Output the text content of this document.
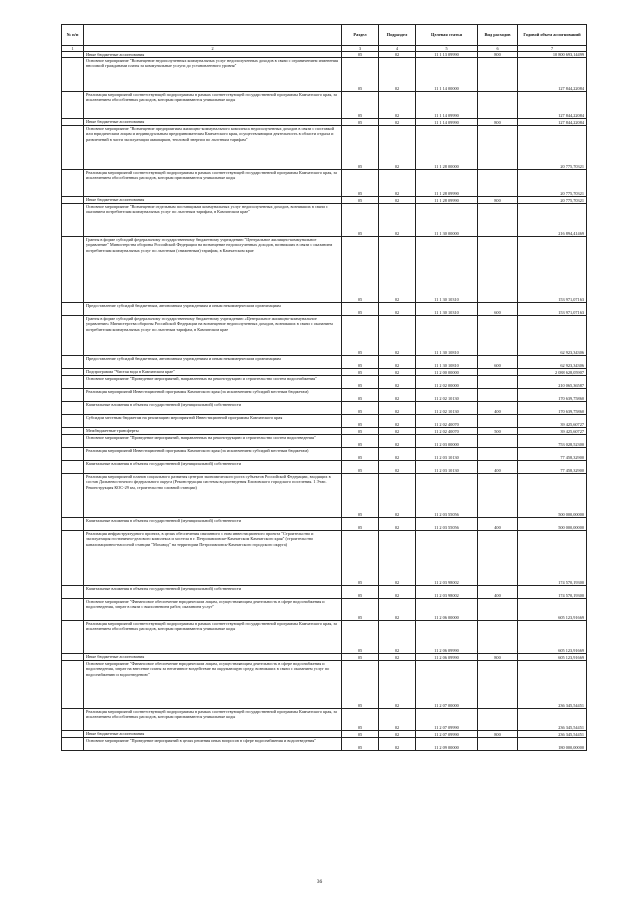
№ п/п		Раздел	Подраздел	Целевая статья	Вид расходов	Годовой объем ассигнований
1	2	3	4	5	6	7
	Иные бюджетные ассигнования	05	02	11 1 13 09990	800	10 800 693,14499
	Основное мероприятие "Возмещение недополученных коммунальных услуг недополученных доходов в связи с ограничением изменения вносимой гражданами платы за коммунальные услуги до установленного уровня"	05	02	11 1 14 00000		127 844,22084
	Реализация мероприятий соответствующей подпрограммы в рамках соответствующей государственной программы Камчатского края, за исключением обособленных расходов, которым присваиваются уникальные коды	05	02	11 1 14 09990		127 844,22084
	Иные бюджетные ассигнования	05	02	11 1 14 09990	800	127 844,22084
	Основное мероприятие "Возмещение предприятиям жилищно-коммунального комплекса недополученных доходов в связи с поставкой или юридическим лицам и индивидуальным предпринимателям Камчатского края, осуществляющим деятельность в области отдыха и развлечений в части эксплуатации аквапарков, тепловой энергии по льготным тарифам"	05	02	11 1 28 00000		20 775,70321
	Реализация мероприятий соответствующей подпрограммы в рамках соответствующей государственной программы Камчатского края, за исключением обособленных расходов, которым присваиваются уникальные коды	05	02	11 1 28 09990		20 775,70321
	Иные бюджетные ассигнования	05	02	11 1 28 09990	800	20 775,70321
	Основное мероприятие "Возмещение отдельным поставщикам коммунальных услуг недополученных доходов, возникших в связи с оказанием потребителям коммунальных услуг по льготным тарифам, в Камчатском крае"	05	02	11 1 30 00000		216 894,41469
	Гранты в форме субсидий федеральному государственному бюджетному учреждению "Центральное жилищно-коммунальное управление" Министерства обороны Российской Федерации на возмещение недополученных доходов, возникших в связи с оказанием потребителям коммунальных услуг по льготным (сниженным) тарифам, в Камчатском крае	05	02	11 1 30 10310		153 971,07163
	Предоставление субсидий бюджетным, автономным учреждениям и иным некоммерческим организациям	05	02	11 1 30 10310	600	153 971,07163
	Гранты в форме субсидий федеральному государственному бюджетному учреждению «Центральное жилищно-коммунальное управление» Министерства обороны Российской Федерации на возмещение недополученных доходов, возникших в связи с оказанием потребителям коммунальных услуг по льготным тарифам, в Камчатском крае	05	02	11 1 30 10810		62 923,34306
	Предоставление субсидий бюджетным, автономным учреждениям и иным некоммерческим организациям	05	02	11 1 30 10810	600	62 923,34306
	Подпрограмма "Чистая вода в Камчатском крае"	05	02	11 2 00 00000		2 088 628,05907
	Основное мероприятие "Проведение мероприятий, направленных на реконструкцию и строительство систем водоснабжения"	05	02	11 2 02 00000		210 065,36587
	Реализация мероприятий Инвестиционной программы Камчатского края (за исключением субсидий местным бюджетам)	05	02	11 2 02 10130		170 639,75860
	Капитальные вложения в объекты государственной (муниципальной) собственности	05	02	11 2 02 10130	400	170 639,75860
	Субсидии местным бюджетам на реализацию мероприятий Инвестиционной программы Камчатского края	05	02	11 2 02 40070		39 425,60727
	Межбюджетные трансферты	05	02	11 2 02 40070	500	39 425,60727
	Основное мероприятие "Проведение мероприятий, направленных на реконструкцию и строительство систем водоотведения"	05	02	11 2 03 00000		753 028,52300
	Реализация мероприятий Инвестиционной программы Камчатского края (за исключением субсидий местным бюджетам)	05	02	11 2 03 10130		77 458,32900
	Капитальные вложения в объекты государственной (муниципальной) собственности	05	02	11 2 03 10130	400	77 458,32900
	Реализация мероприятий планов социального развития центров экономического роста субъектов Российской Федерации, входящих в состав Дальневосточного федерального округа (Реконструкция системы водоотведения Елизовского городского поселения. 1 Этап. Реконструкция КОС-29 км, строительство сливной станции)	05	02	11 2 03 55056		500 000,00000
	Капитальные вложения в объекты государственной (муниципальной) собственности	05	02	11 2 03 55056	400	500 000,00000
	Реализация инфраструктурного проекта, в целях обеспечения связанного с ним инвестиционного проекта "Строительство и эксплуатация гостинично-делового комплекса и хостела в г. Петропавловске-Камчатском Камчатского края" (строительство канализационно-насосной станции "Мохавод" на территории Петропавловск-Камчатского городского округа)	05	02	11 2 03 98002		174 570,19300
	Капитальные вложения в объекты государственной (муниципальной) собственности	05	02	11 2 03 98002	400	174 570,19300
	Основное мероприятие "Финансовое обеспечение юридическим лицам, осуществляющим деятельность в сфере водоснабжения и водоотведения, затрат в связи с выполнением работ, оказанием услуг"	05	02	11 2 06 00000		605 123,91669
	Реализация мероприятий соответствующей подпрограммы в рамках соответствующей государственной программы Камчатского края, за исключением обособленных расходов, которым присваиваются уникальные коды	05	02	11 2 06 09990		605 123,91669
	Иные бюджетные ассигнования	05	02	11 2 06 09990	800	605 123,91669
	Основное мероприятие "Финансовое обеспечение юридическим лицам, осуществляющим деятельность в сфере водоснабжения и водоотведения, затрат на внесение платы за негативное воздействие на окружающую среду, возникших в связи с оказанием услуг по водоснабжению и водоотведению"	05	02	11 2 07 00000		236 345,54451
	Реализация мероприятий соответствующей подпрограммы в рамках соответствующей государственной программы Камчатского края, за исключением обособленных расходов, которым присваиваются уникальные коды	05	02	11 2 07 09990		236 345,54451
	Иные бюджетные ассигнования	05	02	11 2 07 09990	800	236 345,54451
	Основное мероприятие "Проведение мероприятий в целях решения иных вопросов в сфере водоснабжения и водоотведения"	05	02	11 2 09 00000		180 000,00000
36
